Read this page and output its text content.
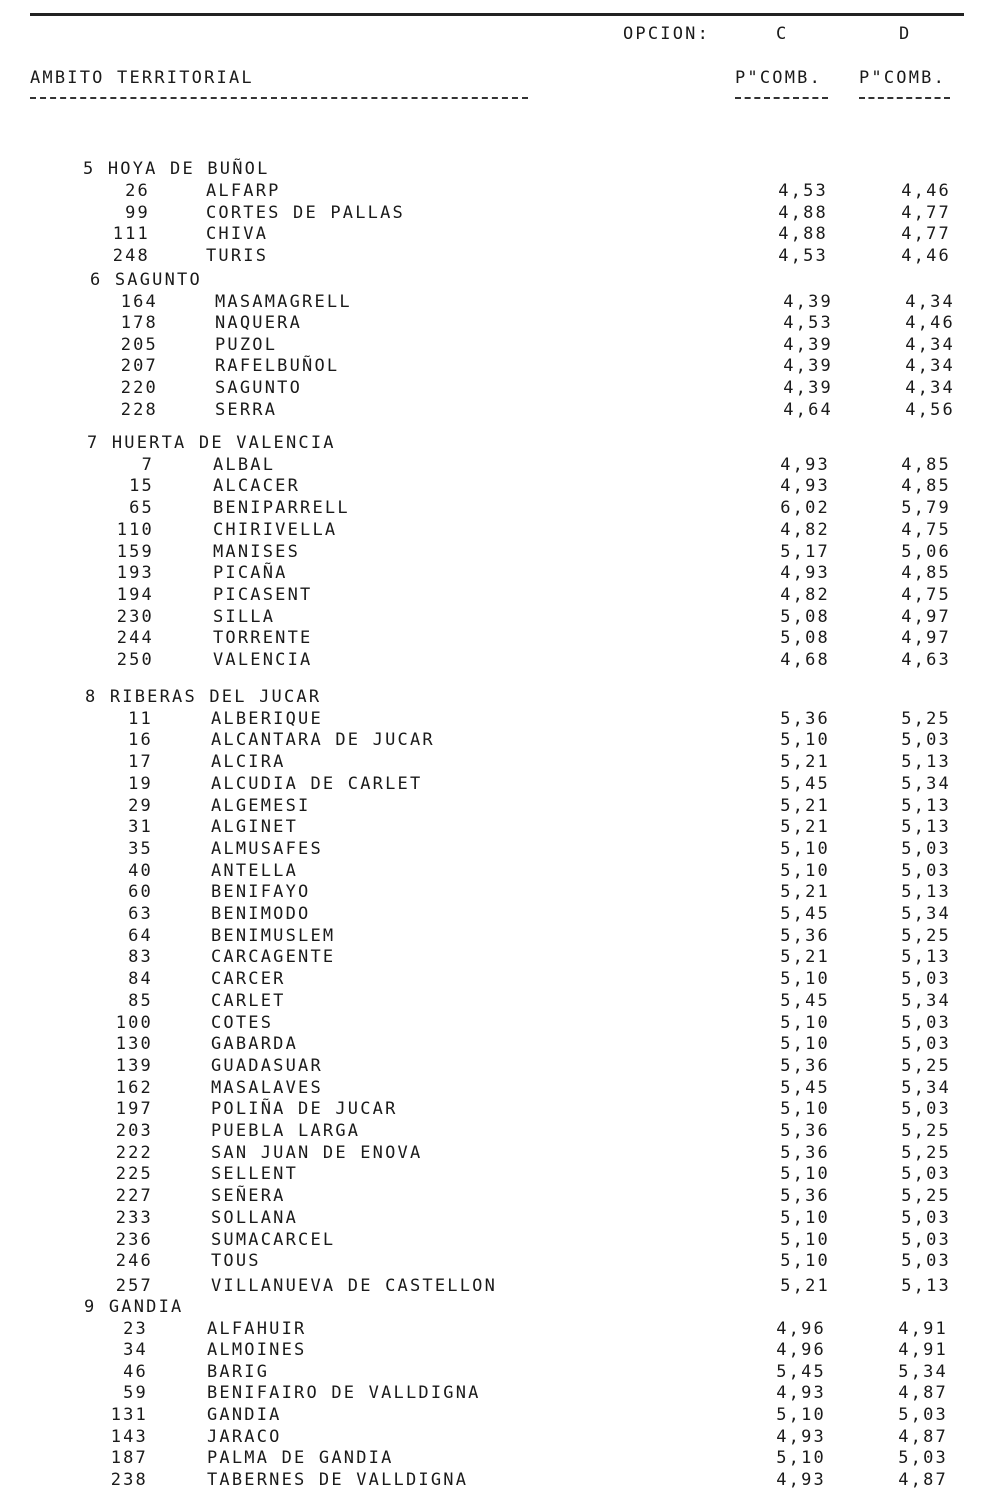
OPCION:	C	D
AMBITO TERRITORIAL	P"COMB. P"COMB.
5 HOYA DE BUÑOL
26	ALFARP	4,53	4,46
99	CORTES DE PALLAS	4,88	4,77
111	CHIVA	4,88	4,77
248	TURIS	4,53	4,46
6 SAGUNTO
164	MASAMAGRELL	4,39	4,34
178	NAQUERA	4,53	4,46
205	PUZOL	4,39	4,34
207	RAFELBUÑOL	4,39	4,34
220	SAGUNTO	4,39	4,34
228	SERRA	4,64	4,56
7 HUERTA DE VALENCIA
7	ALBAL	4,93	4,85
15	ALCACER	4,93	4,85
65	BENIPARRELL	6,02	5,79
110	CHIRIVELLA	4,82	4,75
159	MANISES	5,17	5,06
193	PICAÑA	4,93	4,85
194	PICASENT	4,82	4,75
230	SILLA	5,08	4,97
244	TORRENTE	5,08	4,97
250	VALENCIA	4,68	4,63
8 RIBERAS DEL JUCAR
11	ALBERIQUE	5,36	5,25
16	ALCANTARA DE JUCAR	5,10	5,03
17	ALCIRA	5,21	5,13
19	ALCUDIA DE CARLET	5,45	5,34
29	ALGEMESI	5,21	5,13
31	ALGINET	5,21	5,13
35	ALMUSAFES	5,10	5,03
40	ANTELLA	5,10	5,03
60	BENIFAYO	5,21	5,13
63	BENIMODO	5,45	5,34
64	BENIMUSLEM	5,36	5,25
83	CARCAGENTE	5,21	5,13
84	CARCER	5,10	5,03
85	CARLET	5,45	5,34
100	COTES	5,10	5,03
130	GABARDA	5,10	5,03
139	GUADASUAR	5,36	5,25
162	MASALAVES	5,45	5,34
197	POLIÑA DE JUCAR	5,10	5,03
203	PUEBLA LARGA	5,36	5,25
222	SAN JUAN DE ENOVA	5,36	5,25
225	SELLENT	5,10	5,03
227	SEÑERA	5,36	5,25
233	SOLLANA	5,10	5,03
236	SUMACARCEL	5,10	5,03
246	TOUS	5,10	5,03
257	VILLANUEVA DE CASTELLON	5,21	5,13
9 GANDIA
23	ALFAHUIR	4,96	4,91
34	ALMOINES	4,96	4,91
46	BARIG	5,45	5,34
59	BENIFAIRO DE VALLDIGNA	4,93	4,87
131	GANDIA	5,10	5,03
143	JARACO	4,93	4,87
187	PALMA DE GANDIA	5,10	5,03
238	TABERNES DE VALLDIGNA	4,93	4,87
